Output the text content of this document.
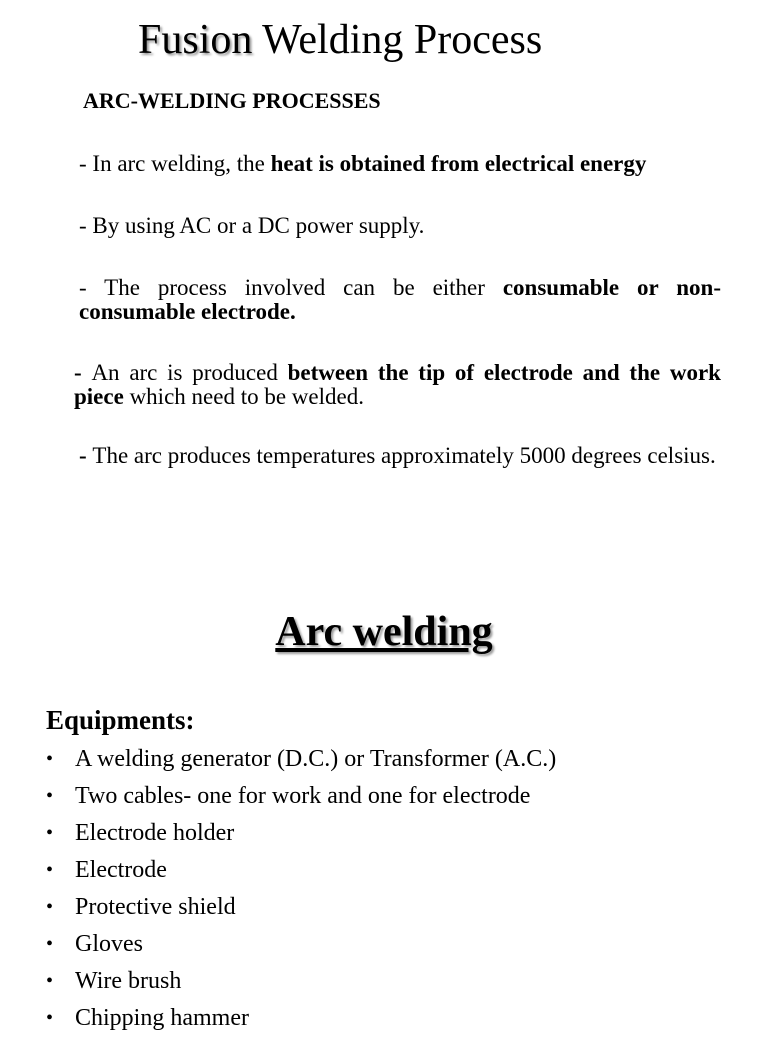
Fusion Welding Process
ARC-WELDING PROCESSES
- In arc welding, the heat is obtained from electrical energy
- By using AC or a DC power supply.
- The process involved can be either consumable or non-consumable electrode.
- An arc is produced between the tip of electrode and the work piece which need to be welded.
- The arc produces temperatures approximately 5000 degrees celsius.
Arc welding
Equipments:
• A welding generator (D.C.) or Transformer (A.C.)
• Two cables- one for work and one for electrode
• Electrode holder
• Electrode
• Protective shield
• Gloves
• Wire brush
• Chipping hammer
